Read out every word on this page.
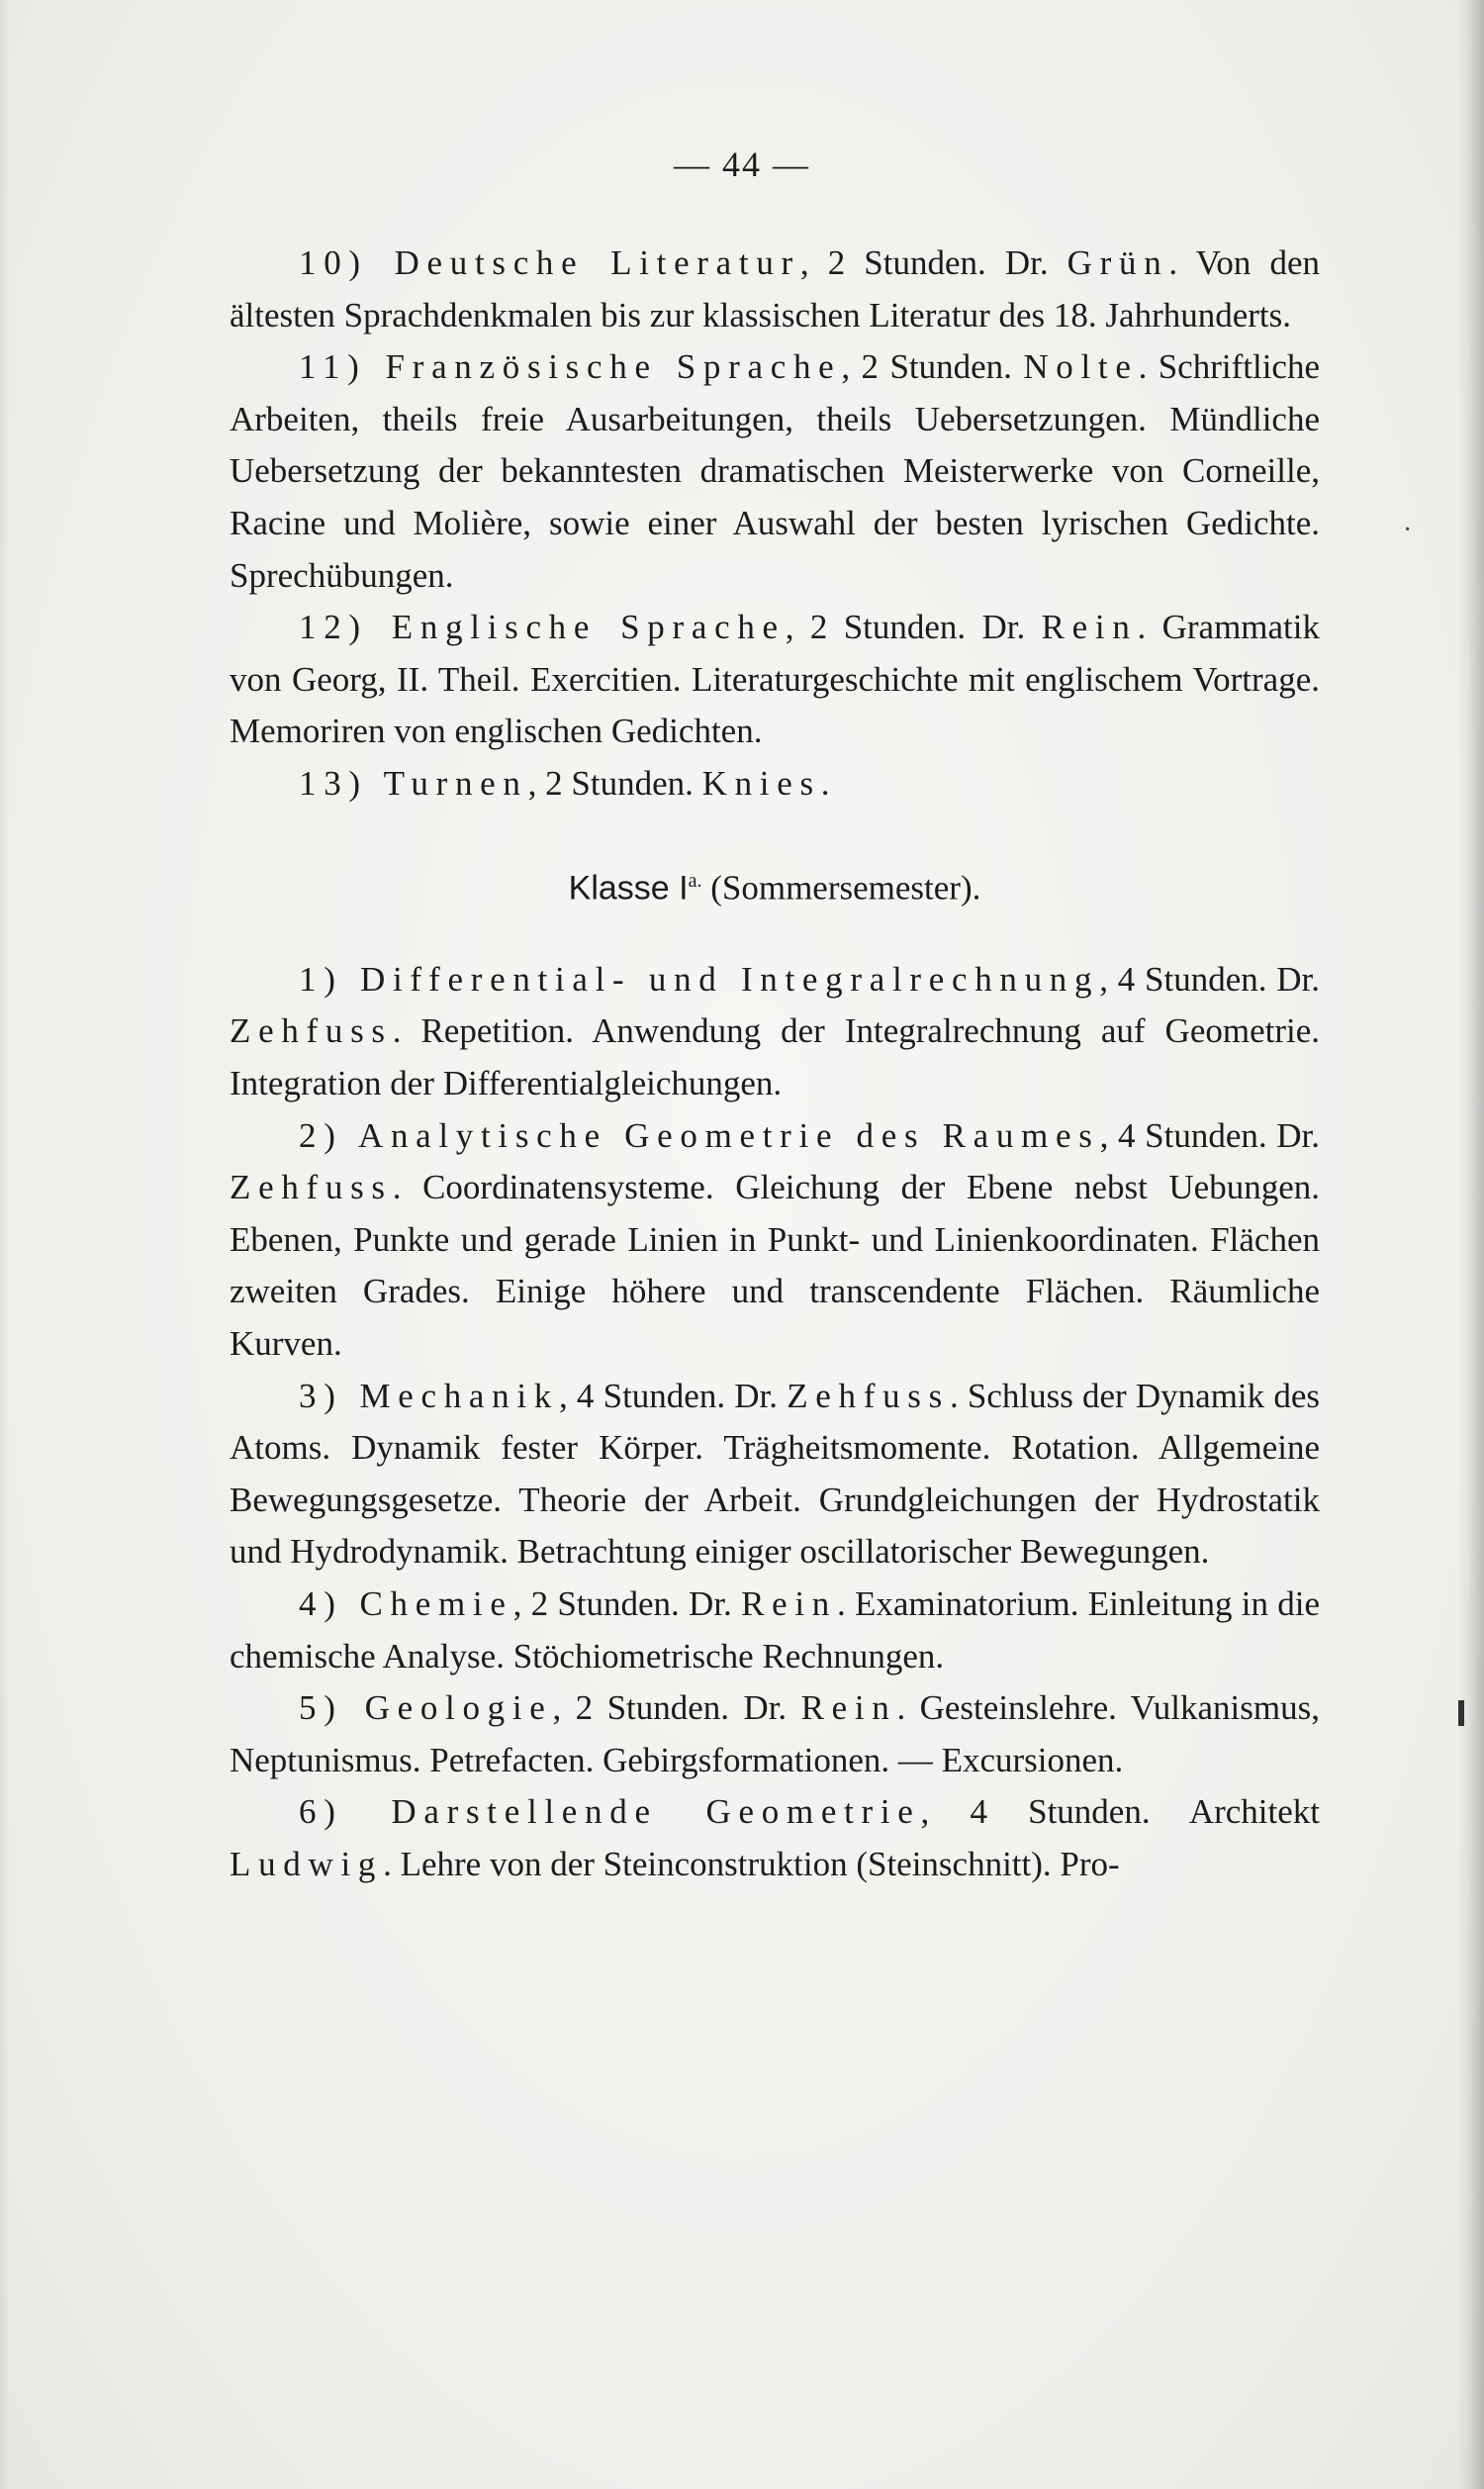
— 44 —

10) Deutsche Literatur, 2 Stunden. Dr. Grün. Von den ältesten Sprachdenkmalen bis zur klassischen Literatur des 18. Jahrhunderts.

11) Französische Sprache, 2 Stunden. Nolte. Schriftliche Arbeiten, theils freie Ausarbeitungen, theils Uebersetzungen. Mündliche Uebersetzung der bekanntesten dramatischen Meisterwerke von Corneille, Racine und Molière, sowie einer Auswahl der besten lyrischen Gedichte. Sprechübungen.

12) Englische Sprache, 2 Stunden. Dr. Rein. Grammatik von Georg, II. Theil. Exercitien. Literaturgeschichte mit englischem Vortrage. Memoriren von englischen Gedichten.

13) Turnen, 2 Stunden. Knies.

Klasse $I^{a.}$ (Sommersemester).

1) Differential- und Integralrechnung, 4 Stunden. Dr. Zehfuss. Repetition. Anwendung der Integralrechnung auf Geometrie. Integration der Differentialgleichungen.

2) Analytische Geometrie des Raumes, 4 Stunden. Dr. Zehfuss. Coordinatensysteme. Gleichung der Ebene nebst Uebungen. Ebenen, Punkte und gerade Linien in Punkt- und Linienkoordinaten. Flächen zweiten Grades. Einige höhere und transcendente Flächen. Räumliche Kurven.

3) Mechanik, 4 Stunden. Dr. Zehfuss. Schluss der Dynamik des Atoms. Dynamik fester Körper. Trägheitsmomente. Rotation. Allgemeine Bewegungsgesetze. Theorie der Arbeit. Grundgleichungen der Hydrostatik und Hydrodynamik. Betrachtung einiger oscillatorischer Bewegungen.

4) Chemie, 2 Stunden. Dr. Rein. Examinatorium. Einleitung in die chemische Analyse. Stöchiometrische Rechnungen.

5) Geologie, 2 Stunden. Dr. Rein. Gesteinslehre. Vulkanismus, Neptunismus. Petrefacten. Gebirgsformationen. — Excursionen.

6) Darstellende Geometrie, 4 Stunden. Architekt Ludwig. Lehre von der Steinconstruktion (Steinschnitt). Pro-

·
